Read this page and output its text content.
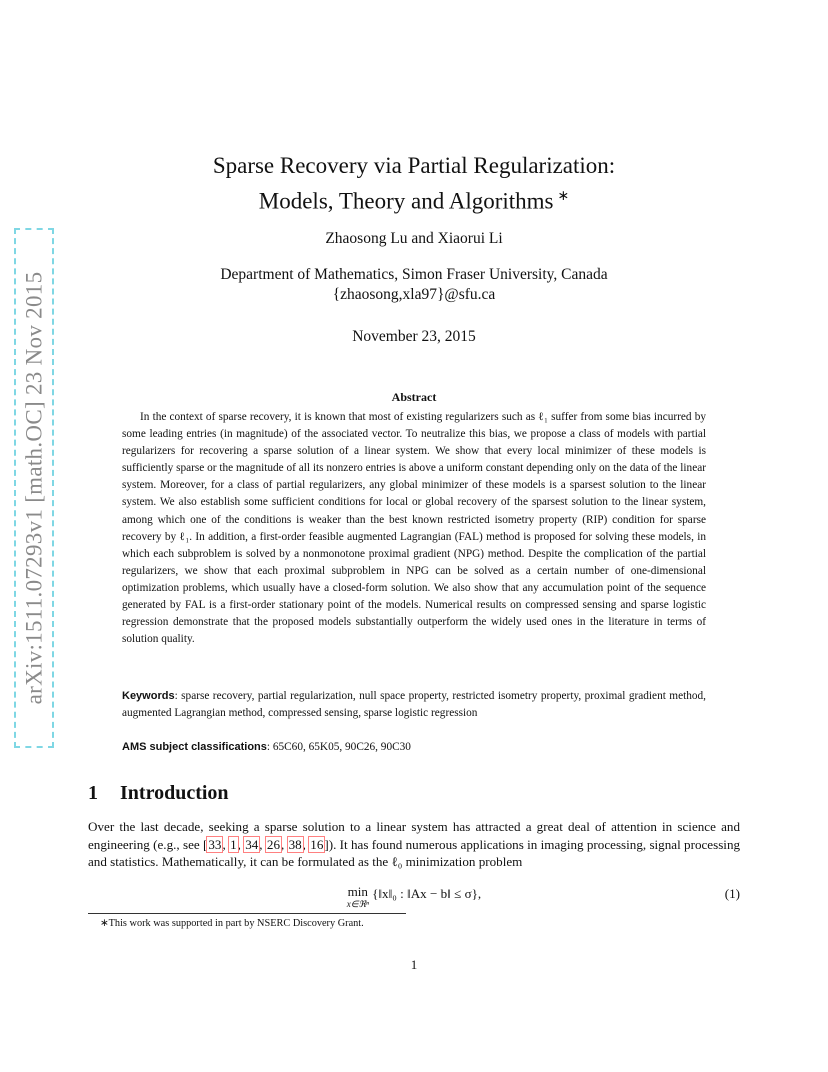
arXiv:1511.07293v1 [math.OC] 23 Nov 2015
Sparse Recovery via Partial Regularization:
Models, Theory and Algorithms ∗
Zhaosong Lu and Xiaorui Li
Department of Mathematics, Simon Fraser University, Canada
{zhaosong,xla97}@sfu.ca
November 23, 2015
Abstract

In the context of sparse recovery, it is known that most of existing regularizers such as ℓ₁ suffer from some bias incurred by some leading entries (in magnitude) of the associated vector. To neutralize this bias, we propose a class of models with partial regularizers for recovering a sparse solution of a linear system. We show that every local minimizer of these models is sufficiently sparse or the magnitude of all its nonzero entries is above a uniform constant depending only on the data of the linear system. Moreover, for a class of partial regularizers, any global minimizer of these models is a sparsest solution to the linear system. We also establish some sufficient conditions for local or global recovery of the sparsest solution to the linear system, among which one of the conditions is weaker than the best known restricted isometry property (RIP) condition for sparse recovery by ℓ₁. In addition, a first-order feasible augmented Lagrangian (FAL) method is proposed for solving these models, in which each subproblem is solved by a nonmonotone proximal gradient (NPG) method. Despite the complication of the partial regularizers, we show that each proximal subproblem in NPG can be solved as a certain number of one-dimensional optimization problems, which usually have a closed-form solution. We also show that any accumulation point of the sequence generated by FAL is a first-order stationary point of the models. Numerical results on compressed sensing and sparse logistic regression demonstrate that the proposed models substantially outperform the widely used ones in the literature in terms of solution quality.

Keywords: sparse recovery, partial regularization, null space property, restricted isometry property, proximal gradient method, augmented Lagrangian method, compressed sensing, sparse logistic regression

AMS subject classifications: 65C60, 65K05, 90C26, 90C30

1 Introduction

Over the last decade, seeking a sparse solution to a linear system has attracted a great deal of attention in science and engineering (e.g., see [33, 1, 34, 26, 38, 16]). It has found numerous applications in imaging processing, signal processing and statistics. Mathematically, it can be formulated as the ℓ₀ minimization problem

min
x∈ℜⁿ
{‖x‖₀ : ‖Ax − b‖ ≤ σ},	(1)
∗This work was supported in part by NSERC Discovery Grant.
1
